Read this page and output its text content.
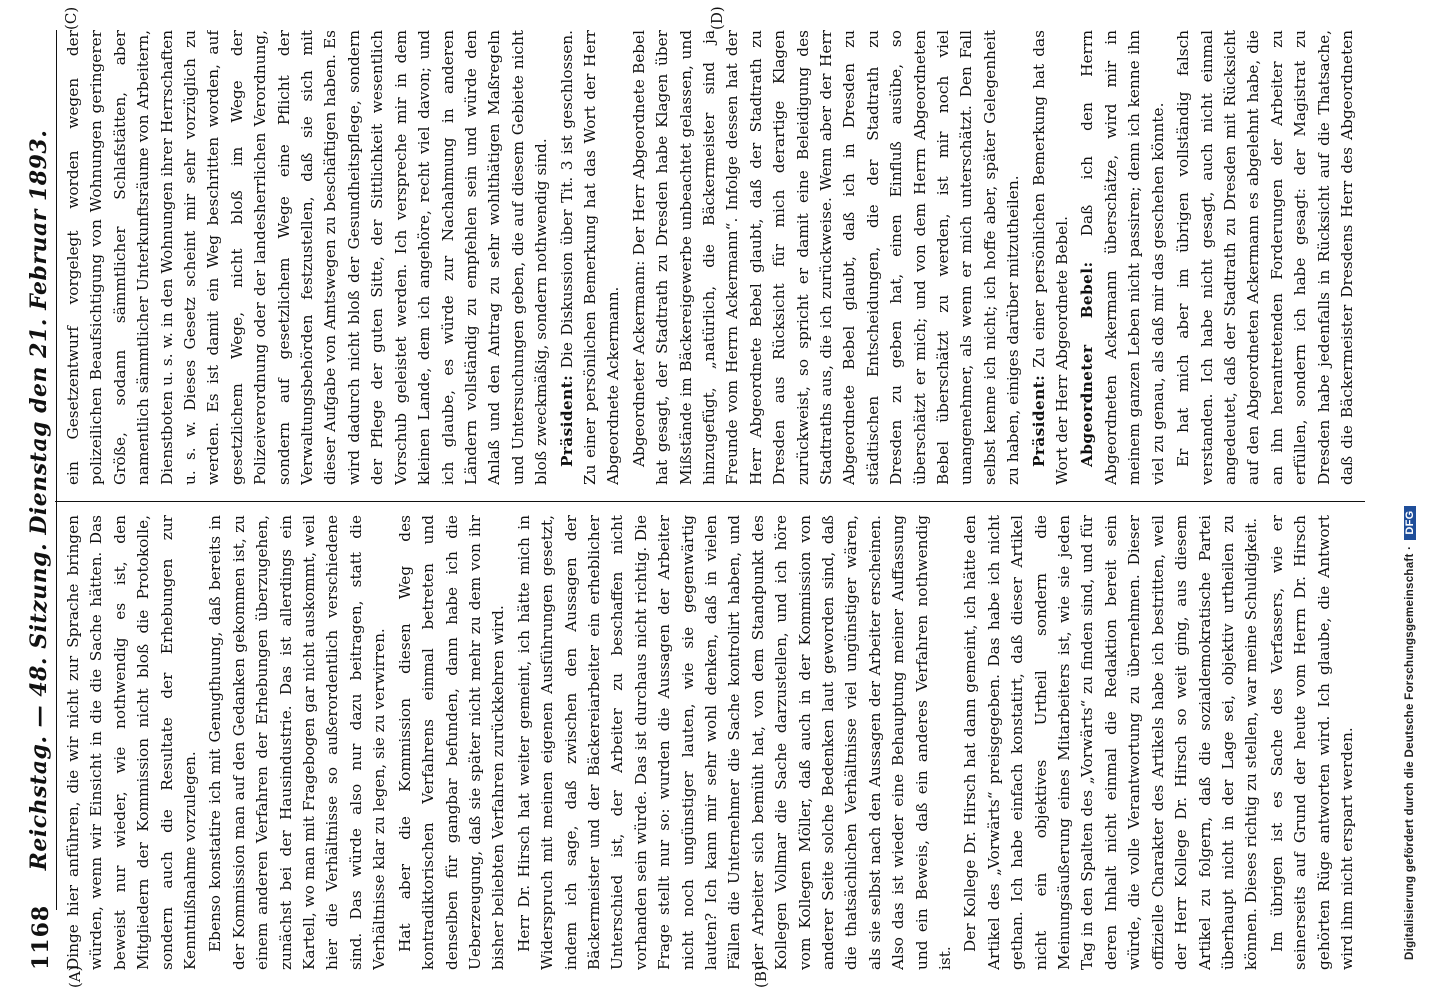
1168
Reichstag. — 48. Sitzung. Dienstag den 21. Februar 1893.
(A)	(B)
(C)	(D)

Dinge hier anführen, die wir nicht zur Sprache bringen würden, wenn wir Einsicht in die die Sache hätten. Das beweist nur wieder, wie nothwendig es ist, den Mitgliedern der Kommission nicht bloß die Protokolle, sondern auch die Resultate der Erhebungen zur Kenntnißnahme vorzulegen. Ebenso konstatire ich mit Genugthuung, daß bereits in der Kommission man auf den Gedanken gekommen ist, zu einem anderen Verfahren der Erhebungen überzugehen, zunächst bei der Hausindustrie. Das ist allerdings ein Kartell, wo man mit Fragebogen gar nicht auskommt, weil hier die Verhältnisse so außerordentlich verschiedene sind. Das würde also nur dazu beitragen, statt die Verhältnisse klar zu legen, sie zu verwirren. Hat aber die Kommission diesen Weg des kontradiktorischen Verfahrens einmal betreten und denselben für gangbar befunden, dann habe ich die Ueberzeugung, daß sie später nicht mehr zu dem von ihr bisher beliebten Verfahren zurückkehren wird. Herr Dr. Hirsch hat weiter gemeint, ich hätte mich in Widerspruch mit meinen eigenen Ausführungen gesetzt, indem ich sage, daß zwischen den Aussagen der Bäckermeister und der Bäckereiarbeiter ein erheblicher Unterschied ist, der Arbeiter zu beschaffen nicht vorhanden sein würde. Das ist durchaus nicht richtig. Die Frage stellt nur so: wurden die Aussagen der Arbeiter nicht noch ungünstiger lauten, wie sie gegenwärtig lauten? Ich kann mir sehr wohl denken, daß in vielen Fällen die Unternehmer die Sache kontrolirt haben, und der Arbeiter sich bemüht hat, von dem Standpunkt des Kollegen Vollmar die Sache darzustellen, und ich höre vom Kollegen Möller, daß auch in der Kommission von anderer Seite solche Bedenken laut geworden sind, daß die thatsächlichen Verhältnisse viel ungünstiger wären, als sie selbst nach den Aussagen der Arbeiter erscheinen. Also das ist wieder eine Behauptung meiner Auffassung und ein Beweis, daß ein anderes Verfahren nothwendig ist.

Der Kollege Dr. Hirsch hat dann gemeint, ich hätte den Artikel des „Vorwärts“ preisgegeben. Das habe ich nicht gethan. Ich habe einfach konstatirt, daß dieser Artikel nicht ein objektives Urtheil sondern die Meinungsäußerung eines Mitarbeiters ist, wie sie jeden Tag in den Spalten des „Vorwärts“ zu finden sind, und für deren Inhalt nicht einmal die Redaktion bereit sein würde, die volle Verantwortung zu übernehmen. Dieser offizielle Charakter des Artikels habe ich bestritten, weil der Herr Kollege Dr. Hirsch so weit ging, aus diesem Artikel zu folgern, daß die sozialdemokratische Partei überhaupt nicht in der Lage sei, objektiv urtheilen zu können. Dieses richtig zu stellen, war meine Schuldigkeit. Im übrigen ist es Sache des Verfassers, wie er seinerseits auf Grund der heute vom Herrn Dr. Hirsch gehörten Rüge antworten wird. Ich glaube, die Antwort wird ihm nicht erspart werden.

ein Gesetzentwurf vorgelegt worden wegen der polizeilichen Beaufsichtigung von Wohnungen geringerer Größe, sodann sämmtlicher Schlafstätten, aber namentlich sämmtlicher Unterkunftsräume von Arbeitern, Dienstboten u. s. w. in den Wohnungen ihrer Herrschaften u. s. w. Dieses Gesetz scheint mir sehr vorzüglich zu werden. Es ist damit ein Weg beschritten worden, auf gesetzlichem Wege, nicht bloß im Wege der Polizeiverordnung oder der landesherrlichen Verordnung, sondern auf gesetzlichem Wege eine Pflicht der Verwaltungsbehörden festzustellen, daß sie sich mit dieser Aufgabe von Amtswegen zu beschäftigen haben. Es wird dadurch nicht bloß der Gesundheitspflege, sondern der Pflege der guten Sitte, der Sittlichkeit wesentlich Vorschub geleistet werden. Ich verspreche mir in dem kleinen Lande, dem ich angehöre, recht viel davon; und ich glaube, es würde zur Nachahmung in anderen Ländern vollständig zu empfehlen sein und würde den Anlaß und den Antrag zu sehr wohlthätigen Maßregeln und Untersuchungen geben, die auf diesem Gebiete nicht bloß zweckmäßig, sondern nothwendig sind. Präsident: Die Diskussion über Tit. 3 ist geschlossen. Zu einer persönlichen Bemerkung hat das Wort der Herr Abgeordnete Ackermann. Abgeordneter Ackermann: Der Herr Abgeordnete Bebel hat gesagt, der Stadtrath zu Dresden habe Klagen über Mißstände im Bäckereigewerbe unbeachtet gelassen, und hinzugefügt, „natürlich, die Bäckermeister sind ja Freunde vom Herrn Ackermann“. Infolge dessen hat der Herr Abgeordnete Bebel glaubt, daß der Stadtrath zu Dresden aus Rücksicht für mich derartige Klagen zurückweist, so spricht er damit eine Beleidigung des Stadtraths aus, die ich zurückweise. Wenn aber der Herr Abgeordnete Bebel glaubt, daß ich in Dresden zu städtischen Entscheidungen, die der Stadtrath zu Dresden zu geben hat, einen Einfluß ausübe, so überschätzt er mich; und von dem Herrn Abgeordneten Bebel überschätzt zu werden, ist mir noch viel unangenehmer, als wenn er mich unterschätzt. Den Fall selbst kenne ich nicht; ich hoffe aber, später Gelegenheit zu haben, einiges darüber mitzutheilen. Präsident: Zu einer persönlichen Bemerkung hat das Wort der Herr Abgeordnete Bebel. Abgeordneter Bebel: Daß ich den Herrn Abgeordneten Ackermann überschätze, wird mir in meinem ganzen Leben nicht passiren; denn ich kenne ihn viel zu genau, als daß mir das geschehen könnte. Er hat mich aber im übrigen vollständig falsch verstanden. Ich habe nicht gesagt, auch nicht einmal angedeutet, daß der Stadtrath zu Dresden mit Rücksicht auf den Abgeordneten Ackermann es abgelehnt habe, die an ihn herantretenden Forderungen der Arbeiter zu erfüllen, sondern ich habe gesagt: der Magistrat zu Dresden habe jedenfalls in Rücksicht auf die Thatsache, daß die Bäckermeister Dresdens Herr des Abgeordneten

Digitalisierung gefördert durch die Deutsche Forschungsgemeinschaft ·DFG
